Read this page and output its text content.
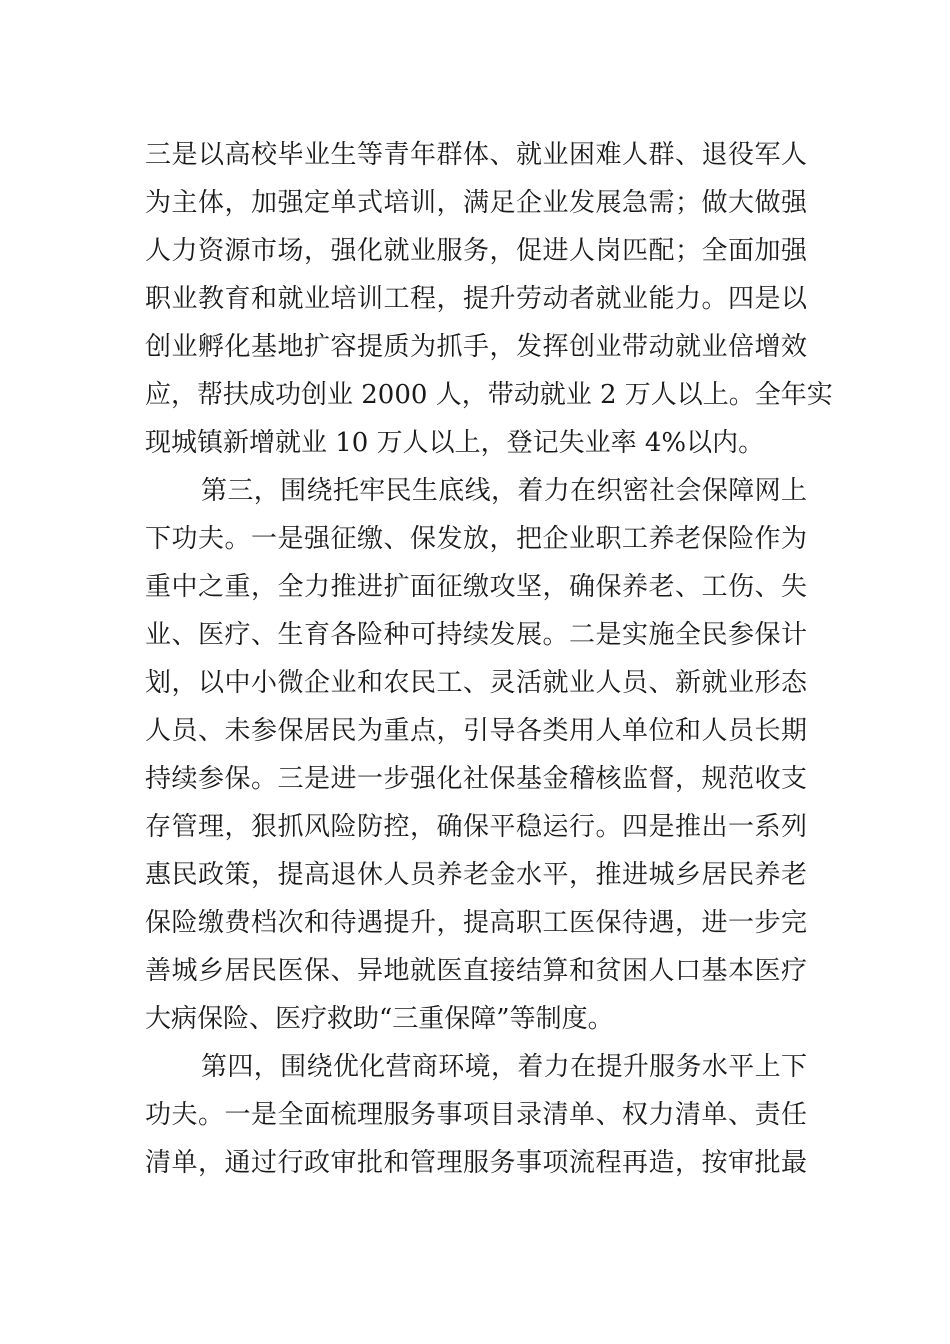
三是以高校毕业生等青年群体、就业困难人群、退役军人
为主体，加强定单式培训，满足企业发展急需；做大做强
人力资源市场，强化就业服务，促进人岗匹配；全面加强
职业教育和就业培训工程，提升劳动者就业能力。四是以
创业孵化基地扩容提质为抓手，发挥创业带动就业倍增效
应，帮扶成功创业 2000 人，带动就业 2 万人以上。全年实
现城镇新增就业 10 万人以上，登记失业率 4%以内。
第三，围绕托牢民生底线，着力在织密社会保障网上
下功夫。一是强征缴、保发放，把企业职工养老保险作为
重中之重，全力推进扩面征缴攻坚，确保养老、工伤、失
业、医疗、生育各险种可持续发展。二是实施全民参保计
划，以中小微企业和农民工、灵活就业人员、新就业形态
人员、未参保居民为重点，引导各类用人单位和人员长期
持续参保。三是进一步强化社保基金稽核监督，规范收支
存管理，狠抓风险防控，确保平稳运行。四是推出一系列
惠民政策，提高退休人员养老金水平，推进城乡居民养老
保险缴费档次和待遇提升，提高职工医保待遇，进一步完
善城乡居民医保、异地就医直接结算和贫困人口基本医疗
大病保险、医疗救助“三重保障”等制度。
第四，围绕优化营商环境，着力在提升服务水平上下
功夫。一是全面梳理服务事项目录清单、权力清单、责任
清单，通过行政审批和管理服务事项流程再造，按审批最
